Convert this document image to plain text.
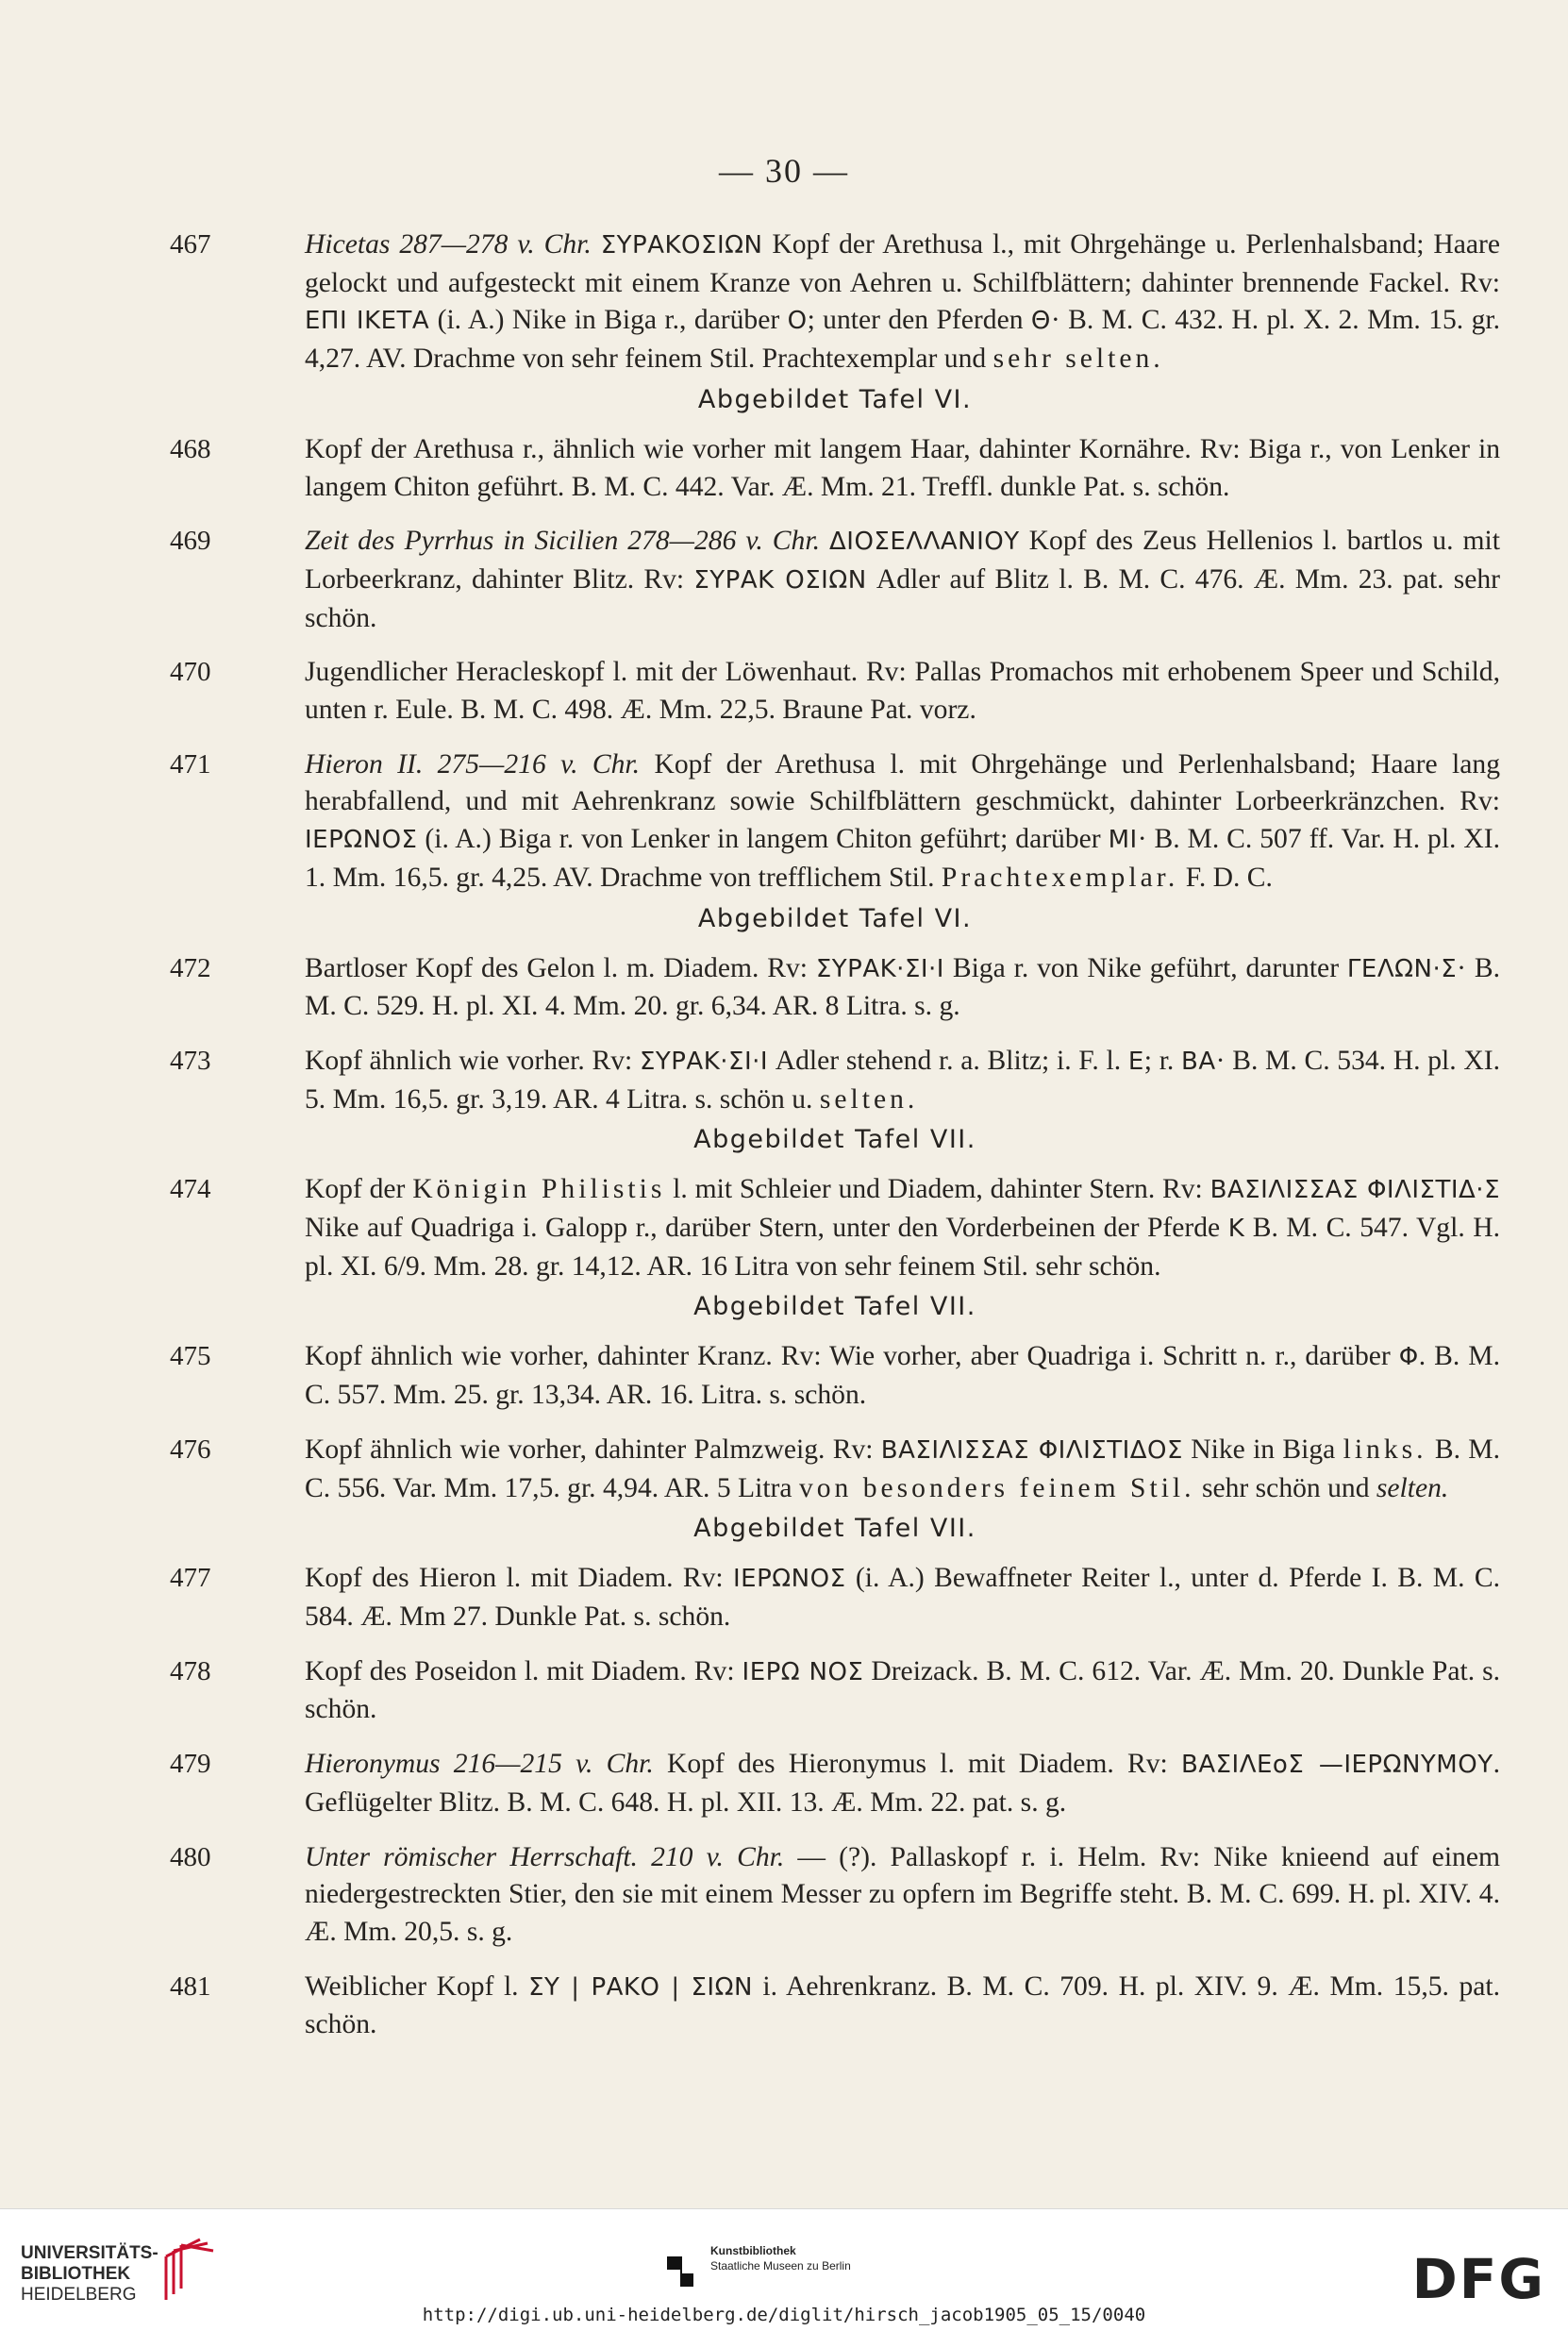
— 30 —
467	Hicetas 287—278 v. Chr. ΣΥΡΑΚΟΣΙΩΝ Kopf der Arethusa l., mit Ohrgehänge u. Perlenhalsband; Haare gelockt und aufgesteckt mit einem Kranze von Aehren u. Schilfblättern; dahinter brennende Fackel. Rv: ΕΠΙ ΙΚΕΤΑ (i. A.) Nike in Biga r., darüber O; unter den Pferden Θ· B. M. C. 432. H. pl. X. 2. Mm. 15. gr. 4,27. AV. Drachme von sehr feinem Stil. Prachtexemplar und sehr selten.
Abgebildet Tafel VI.
468	Kopf der Arethusa r., ähnlich wie vorher mit langem Haar, dahinter Kornähre. Rv: Biga r., von Lenker in langem Chiton geführt. B. M. C. 442. Var. Æ. Mm. 21. Treffl. dunkle Pat. s. schön.
469	Zeit des Pyrrhus in Sicilien 278—286 v. Chr. ΔΙΟΣΕΛΛΑΝΙΟΥ Kopf des Zeus Hellenios l. bartlos u. mit Lorbeerkranz, dahinter Blitz. Rv: ΣΥΡΑΚ ΟΣΙΩΝ Adler auf Blitz l. B. M. C. 476. Æ. Mm. 23. pat. sehr schön.
470	Jugendlicher Heracleskopf l. mit der Löwenhaut. Rv: Pallas Promachos mit erhobenem Speer und Schild, unten r. Eule. B. M. C. 498. Æ. Mm. 22,5. Braune Pat. vorz.
471	Hieron II. 275—216 v. Chr. Kopf der Arethusa l. mit Ohrgehänge und Perlenhalsband; Haare lang herabfallend, und mit Aehrenkranz sowie Schilfblättern geschmückt, dahinter Lorbeerkränzchen. Rv: ΙΕΡΩΝΟΣ (i. A.) Biga r. von Lenker in langem Chiton geführt; darüber ΜΙ· B. M. C. 507 ff. Var. H. pl. XI. 1. Mm. 16,5. gr. 4,25. AV. Drachme von trefflichem Stil. Prachtexemplar. F. D. C.
Abgebildet Tafel VI.
472	Bartloser Kopf des Gelon l. m. Diadem. Rv: ΣΥΡΑΚ·ΣΙ·Ι Biga r. von Nike geführt, darunter ΓΕΛΩΝ·Σ· B. M. C. 529. H. pl. XI. 4. Mm. 20. gr. 6,34. AR. 8 Litra. s. g.
473	Kopf ähnlich wie vorher. Rv: ΣΥΡΑΚ·ΣΙ·Ι Adler stehend r. a. Blitz; i. F. l. E; r. ΒΑ· B. M. C. 534. H. pl. XI. 5. Mm. 16,5. gr. 3,19. AR. 4 Litra. s. schön u. selten.
Abgebildet Tafel VII.
474	Kopf der Königin Philistis l. mit Schleier und Diadem, dahinter Stern. Rv: ΒΑΣΙΛΙΣΣΑΣ ΦΙΛΙΣΤΙΔ·Σ Nike auf Quadriga i. Galopp r., darüber Stern, unter den Vorderbeinen der Pferde K B. M. C. 547. Vgl. H. pl. XI. 6/9. Mm. 28. gr. 14,12. AR. 16 Litra von sehr feinem Stil. sehr schön.
Abgebildet Tafel VII.
475	Kopf ähnlich wie vorher, dahinter Kranz. Rv: Wie vorher, aber Quadriga i. Schritt n. r., darüber Φ. B. M. C. 557. Mm. 25. gr. 13,34. AR. 16. Litra. s. schön.
476	Kopf ähnlich wie vorher, dahinter Palmzweig. Rv: ΒΑΣΙΛΙΣΣΑΣ ΦΙΛΙΣΤΙΔΟΣ Nike in Biga links. B. M. C. 556. Var. Mm. 17,5. gr. 4,94. AR. 5 Litra von besonders feinem Stil. sehr schön und selten.
Abgebildet Tafel VII.
477	Kopf des Hieron l. mit Diadem. Rv: ΙΕΡΩΝΟΣ (i. A.) Bewaffneter Reiter l., unter d. Pferde I. B. M. C. 584. Æ. Mm 27. Dunkle Pat. s. schön.
478	Kopf des Poseidon l. mit Diadem. Rv: ΙΕΡΩ ΝΟΣ Dreizack. B. M. C. 612. Var. Æ. Mm. 20. Dunkle Pat. s. schön.
479	Hieronymus 216—215 v. Chr. Kopf des Hieronymus l. mit Diadem. Rv: ΒΑΣΙΛΕοΣ —ΙΕΡΩΝΥΜΟΥ. Geflügelter Blitz. B. M. C. 648. H. pl. XII. 13. Æ. Mm. 22. pat. s. g.
480	Unter römischer Herrschaft. 210 v. Chr. — (?). Pallaskopf r. i. Helm. Rv: Nike knieend auf einem niedergestreckten Stier, den sie mit einem Messer zu opfern im Begriffe steht. B. M. C. 699. H. pl. XIV. 4. Æ. Mm. 20,5. s. g.
481	Weiblicher Kopf l. ΣΥ | ΡΑΚΟ | ΣΙΩΝ i. Aehrenkranz. B. M. C. 709. H. pl. XIV. 9. Æ. Mm. 15,5. pat. schön.
UNIVERSITÄTS-
BIBLIOTHEK
HEIDELBERG
Kunstbibliothek
Staatliche Museen zu Berlin	DFG
http://digi.ub.uni-heidelberg.de/diglit/hirsch_jacob1905_05_15/0040
